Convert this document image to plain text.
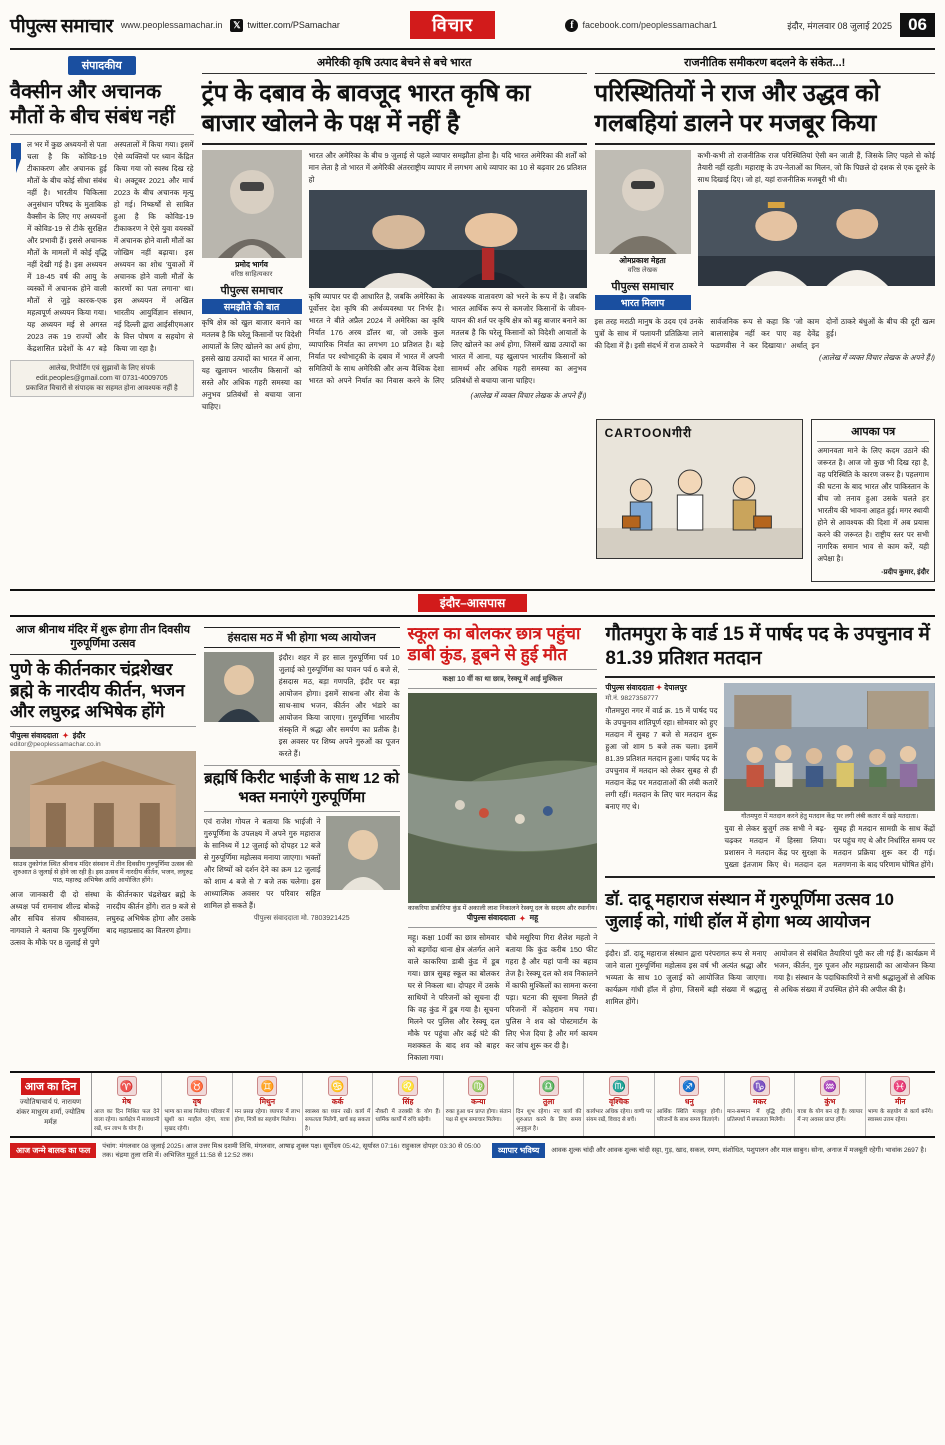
पीपुल्स समाचार www.peoplessamachar.in	𝕏 twitter.com/PSamachar	विचार	f facebook.com/peoplessamachar1	इंदौर, मंगलवार 08 जुलाई 2025 06
संपादकीय
वैक्सीन और अचानक मौतों के बीच संबंध नहीं
ल भर में कुछ अध्ययनों से पता चला है कि कोविड-19 टीकाकरण और अचानक हुई मौतों के बीच कोई सीधा संबंध नहीं है। भारतीय चिकित्सा अनुसंधान परिषद के मुताबिक वैक्सीन के लिए गए अध्ययनों में कोविड-19 से टीके सुरक्षित और प्रभावी हैं। इससे अचानक मौतों के मामलों में कोई वृद्धि नहीं देखी गई है। इस अध्ययन में 18-45 वर्ष की आयु के व्यस्कों में अचानक होने वाली मौतों से जुड़े कारक-एक महत्वपूर्ण अध्ययन किया गया। यह अध्ययन मई से अगस्त 2023 तक 19 राज्यों और केंद्रशासित प्रदेशों के 47 बड़े अस्पतालों में किया गया। इसमें ऐसे व्यक्तियों पर ध्यान केंद्रित किया गया जो स्वस्थ दिख रहे थे। अक्टूबर 2021 और मार्च 2023 के बीच अचानक मृत्यु हो गई। निष्कर्षों से साबित हुआ है कि कोविड-19 टीकाकरण ने ऐसे युवा वयस्कों में अचानक होने वाली मौतों का जोखिम नहीं बढ़ाया। इस अध्ययन का शोध 'युवाओं में अचानक होने वाली मौतों के कारणों का पता लगाना' था। इस अध्ययन में अखिल भारतीय आयुर्विज्ञान संस्थान, नई दिल्ली द्वारा आईसीएमआर के वित्त पोषण व सहयोग से किया जा रहा है।
आलेख, रिपोर्टिंग एवं सुझावों के लिए संपर्क
edit.peoples@gmail.com या 0731-4009705
प्रकाशित विचारों से संपादक का सहमत होना आवश्यक नहीं है
अमेरिकी कृषि उत्पाद बेचने से बचे भारत
ट्रंप के दबाव के बावजूद भारत कृषि का बाजार खोलने के पक्ष में नहीं है
प्रमोद भार्गव
वरिष्ठ साहित्यकार
पीपुल्स समाचार
समझौते की बात
कृषि क्षेत्र को खुल बाजार बनाने का मतलब है कि घरेलू किसानों पर विदेशी आयातों के लिए खोलने का अर्थ होगा, इससे खाद्य उत्पादों का भारत में आना, यह खुलापन भारतीय किसानों को सस्ते और अधिक गहरी समस्या का अनुभव प्रतिबंधों से बचाया जाना चाहिए।
भारत और अमेरिका के बीच 9 जुलाई से पहले व्यापार समझौता होना है। यदि भारत अमेरिका की शर्तों को मान लेता है तो भारत में अमेरिकी अंतरराष्ट्रीय व्यापार में लगभग आधे व्यापार का 10 से बढ़वार 26 प्रतिशत हो
कृषि व्यापार पर दी आधारित है, जबकि अमेरिका के पूर्वोत्तर देश कृषि की अर्थव्यवस्था पर निर्भर है। भारत ने बीते अप्रैल 2024 में अमेरिका का कृषि निर्यात 176 अरब डॉलर था, जो उसके कुल व्यापारिक निर्यात का लगभग 10 प्रतिशत है। बड़े निर्यात पर श्योभाटृकी के दबाव में भारत में अपनी समितियों के साथ अमेरिकी और अन्य वैश्विक देशा भारत को अपने निर्यात का निवास करने के लिए आवश्यक वातावरण को भरने के रूप में है। जबकि भारत आर्थिक रूप से कमजोर किसानों के जीवन-यापन की शर्त पर कृषि क्षेत्र को बहु बाजार बनाने का मतलब है कि घरेलू किसानों को विदेशी आयातों के लिए खोलने का अर्थ होगा, जिसमें खाद्य उत्पादों का भारत में आना, यह खुलापन भारतीय किसानों को सामर्थ्य और अधिक गहरी समस्या का अनुभव प्रतिबंधों से बचाया जाना चाहिए।
(आलेख में व्यक्त विचार लेखक के अपने हैं।)
राजनीतिक समीकरण बदलने के संकेत...!
परिस्थितियों ने राज और उद्धव को गलबहियां डालने पर मजबूर किया
ओमप्रकाश मेहता
वरिष्ठ लेखक
पीपुल्स समाचार
भारत मिलाप
कभी-कभी तो राजनीतिक राज परिस्थितियां ऐसी बन जाती हैं, जिसके लिए पहले से कोई तैयारी नहीं रहती। महाराष्ट्र के उप-नेताओं का मिलन, जो कि पिछले दो दशक से एक दूसरे के साथ दिखाई दिए। जो हां, यहां राजनीतिक मजबूरी भी थी।
इस तरह मराठी मानुष के उदय एवं उनके पुत्रों के साथ में पलायनी प्रतिक्रिया लाने की दिशा में है। इसी संदर्भ में राज ठाकरे ने सार्वजनिक रूप से कहा कि 'जो काम बालासाहेब नहीं कर पाए वह देवेंद्र फडणवीस ने कर दिखाया।' अर्थात् इन दोनों ठाकरे बंधुओं के बीच की दूरी खत्म हुई।
(आलेख में व्यक्त विचार लेखक के अपने हैं।)
CARTOONगीरी	आपका पत्र
अमानवता माने के लिए कदम उठाने की जरूरत है। आज जो कुछ भी दिख रहा है, वह परिस्थिति के कारण जरूर है। पहलगाम की घटना के बाद भारत और पाकिस्तान के बीच जो तनाव हुआ उसके चलते हर भारतीय की भावना आहत हुई। मगर स्थायी होने से आवश्यक की दिशा में अब प्रयास करने की जरूरत है। राष्ट्रीय स्तर पर सभी नागरिक समान भाव से काम करें, यही अपेक्षा है।
-प्रदीप कुमार, इंदौर
इंदौर–आसपास
आज श्रीनाथ मंदिर में शुरू होगा तीन दिवसीय गुरुपूर्णिमा उत्सव
पुणे के कीर्तनकार चंद्रशेखर ब्रह्मे के नारदीय कीर्तन, भजन और लघुरुद्र अभिषेक होंगे
पीपुल्स संवाददाता ✦ इंदौर
editor@peoplessamachar.co.in
साउथ तुकोगंज स्थित श्रीनाथ मंदिर संस्थान में तीन दिवसीय गुरुपूर्णिमा उत्सव की शुरुआत 8 जुलाई से होने जा रही है। इस उत्सव में नारदीय कीर्तन, भजन, लघुरुद्र पाठ, महारुद्र अभिषेक आदि आयोजित होंगे।
आज जानकारी दी दो संस्था अध्यक्ष पर्व रामनाथ शील्ड बोकड़े और सचिव संजय श्रीवास्तव, नागवाले ने बताया कि गुरुपूर्णिमा उत्सव के मौके पर 8 जुलाई से पुणे के कीर्तनकार चंद्रशेखर ब्रह्मे के नारदीय कीर्तन होंगे। रात 9 बजे से लघुरुद्र अभिषेक होगा और उसके बाद महाप्रसाद का वितरण होगा।
हंसदास मठ में भी होगा भव्य आयोजन
इंदौर। शहर में हर साल गुरुपूर्णिमा पर्व 10 जुलाई को गुरुपूर्णिमा का पावन पर्व 6 बजे से, हंसदास मठ, बड़ा गणपति, इंदौर पर बड़ा आयोजन होगा। इसमें साधना और सेवा के साथ-साथ भजन, कीर्तन और भंडारे का आयोजन किया जाएगा। गुरुपूर्णिमा भारतीय संस्कृति में श्रद्धा और समर्पण का प्रतीक है। इस अवसर पर शिष्य अपने गुरुओं का पूजन करते हैं।
ब्रह्मर्षि किरीट भाईजी के साथ 12 को भक्त मनाएंगे गुरुपूर्णिमा
एवं राजेश गोयल ने बताया कि भाईजी ने गुरुपूर्णिमा के उपलक्ष्य में अपने गुरु महाराज के सानिध्य में 12 जुलाई को दोपहर 12 बजे से गुरुपूर्णिमा महोत्सव मनाया जाएगा। भक्तों और शिष्यों को दर्शन देने का क्रम 12 जुलाई को शाम 4 बजे से 7 बजे तक चलेगा। इस आध्यात्मिक अवसर पर परिवार सहित शामिल हो सकते हैं।
पीपुल्स संवाददाता मो. 7803921425
स्कूल का बोलकर छात्र पहुंचा डाबी कुंड, डूबने से हुई मौत
कक्षा 10 वीं का था छात्र, रेस्क्यू में आई मुश्किल
काकरिया डाबीरिया कुंड में अकाली लाश निकालने रेस्क्यू दल के सदस्य और स्थानीय।
पीपुल्स संवाददाता ✦ महू
महू। कक्षा 10वीं का छात्र सोमवार को बड़गोंदा थाना क्षेत्र अंतर्गत आने वाले काकरिया डाबी कुंड में डूब गया। छात्र सुबह स्कूल का बोलकर घर से निकला था। दोपहर में उसके साथियों ने परिजनों को सूचना दी कि वह कुंड में डूब गया है। सूचना मिलने पर पुलिस और रेस्क्यू दल मौके पर पहुंचा और कई घंटे की मशक्कत के बाद शव को बाहर निकाला गया।
चौथे मसूरिया गिरा शैलेश महतो ने बताया कि कुंड करीब 150 फीट गहरा है और यहां पानी का बहाव तेज है। रेस्क्यू दल को शव निकालने में काफी मुश्किलों का सामना करना पड़ा। घटना की सूचना मिलते ही परिजनों में कोहराम मच गया। पुलिस ने शव को पोस्टमार्टम के लिए भेज दिया है और मर्ग कायम कर जांच शुरू कर दी है।
गौतमपुरा के वार्ड 15 में पार्षद पद के उपचुनाव में 81.39 प्रतिशत मतदान
पीपुल्स संवाददाता ✦ देपालपुर
मो.नं. 9827358777
गौतमपुरा नगर में वार्ड क्र. 15 में पार्षद पद के उपचुनाव शांतिपूर्ण रहा। सोमवार को हुए मतदान में सुबह 7 बजे से मतदान शुरू हुआ जो शाम 5 बजे तक चला। इसमें 81.39 प्रतिशत मतदान हुआ। पार्षद पद के उपचुनाव में मतदान को लेकर सुबह से ही मतदान केंद्र पर मतदाताओं की लंबी कतारें लगी रहीं। मतदान के लिए चार मतदान केंद्र बनाए गए थे।
गौतमपुरा में मतदान करने हेतु मतदान केंद्र पर लगी लंबी कतार में खड़े मतदाता।
युवा से लेकर बुजुर्ग तक सभी ने बढ़-चढ़कर मतदान में हिस्सा लिया। प्रशासन ने मतदान केंद्र पर सुरक्षा के पुख्ता इंतजाम किए थे। मतदान दल सुबह ही मतदान सामग्री के साथ केंद्रों पर पहुंच गए थे और निर्धारित समय पर मतदान प्रक्रिया शुरू कर दी गई। मतगणना के बाद परिणाम घोषित होंगे।
डॉ. दादू महाराज संस्थान में गुरुपूर्णिमा उत्सव 10 जुलाई को, गांधी हॉल में होगा भव्य आयोजन
इंदौर। डॉ. दादू महाराज संस्थान द्वारा परंपरागत रूप से मनाए जाने वाला गुरुपूर्णिमा महोत्सव इस वर्ष भी अत्यंत श्रद्धा और भव्यता के साथ 10 जुलाई को आयोजित किया जाएगा। कार्यक्रम गांधी हॉल में होगा, जिसमें बड़ी संख्या में श्रद्धालु शामिल होंगे।
आयोजन से संबंधित तैयारियां पूरी कर ली गई हैं। कार्यक्रम में भजन, कीर्तन, गुरु पूजन और महाप्रसादी का आयोजन किया गया है। संस्थान के पदाधिकारियों ने सभी श्रद्धालुओं से अधिक से अधिक संख्या में उपस्थित होने की अपील की है।
आज का दिन
ज्योतिषाचार्य पं. नारायण शंकर माधुरम शर्मा, ज्योतिष मर्मज्ञ
♈
मेष
आज का दिन मिश्रित फल देने वाला रहेगा। कार्यक्षेत्र में सावधानी रखें, धन लाभ के योग हैं।
♉
वृष
भाग्य का साथ मिलेगा। परिवार में खुशी का माहौल रहेगा, यात्रा सुखद रहेगी।
♊
मिथुन
मन प्रसन्न रहेगा। व्यापार में लाभ होगा, मित्रों का सहयोग मिलेगा।
♋
कर्क
स्वास्थ्य का ध्यान रखें। कार्य में सफलता मिलेगी, खर्च बढ़ सकता है।
♌
सिंह
नौकरी में तरक्की के योग हैं। धार्मिक कार्यों में रुचि बढ़ेगी।
♍
कन्या
रुका हुआ धन प्राप्त होगा। संतान पक्ष से शुभ समाचार मिलेगा।
♎
तुला
दिन शुभ रहेगा। नए कार्य की शुरुआत करने के लिए समय अनुकूल है।
♏
वृश्चिक
कार्यभार अधिक रहेगा। वाणी पर संयम रखें, विवाद से बचें।
♐
धनु
आर्थिक स्थिति मजबूत होगी। परिजनों के साथ समय बिताएंगे।
♑
मकर
मान-सम्मान में वृद्धि होगी। प्रतिस्पर्धा में सफलता मिलेगी।
♒
कुंभ
यात्रा के योग बन रहे हैं। व्यापार में नए अवसर प्राप्त होंगे।
♓
मीन
भाग्य के सहयोग से कार्य बनेंगे। स्वास्थ्य उत्तम रहेगा।
आज जन्मे बालक का फल
पंचांग: मंगलवार 08 जुलाई 2025। आज उत्तर मिश्र दशमी तिथि, मंगलवार, आषाढ़ शुक्ल पक्ष। सूर्योदय 05:42, सूर्यास्त 07:16। राहुकाल दोपहर 03:30 से 05:00 तक। चंद्रमा तुला राशि में। अभिजित मुहूर्त 11:58 से 12:52 तक।
व्यापार भविष्य	आवक शुल्क चांदी और आवक शुल्क चांदी सट्टा, गुड़, खाद, सकल, रमण, संशोधित, पशुपालन और माल साबुन। सोना, अनाज में मजबूती रहेगी। भावांक 2697 है।
